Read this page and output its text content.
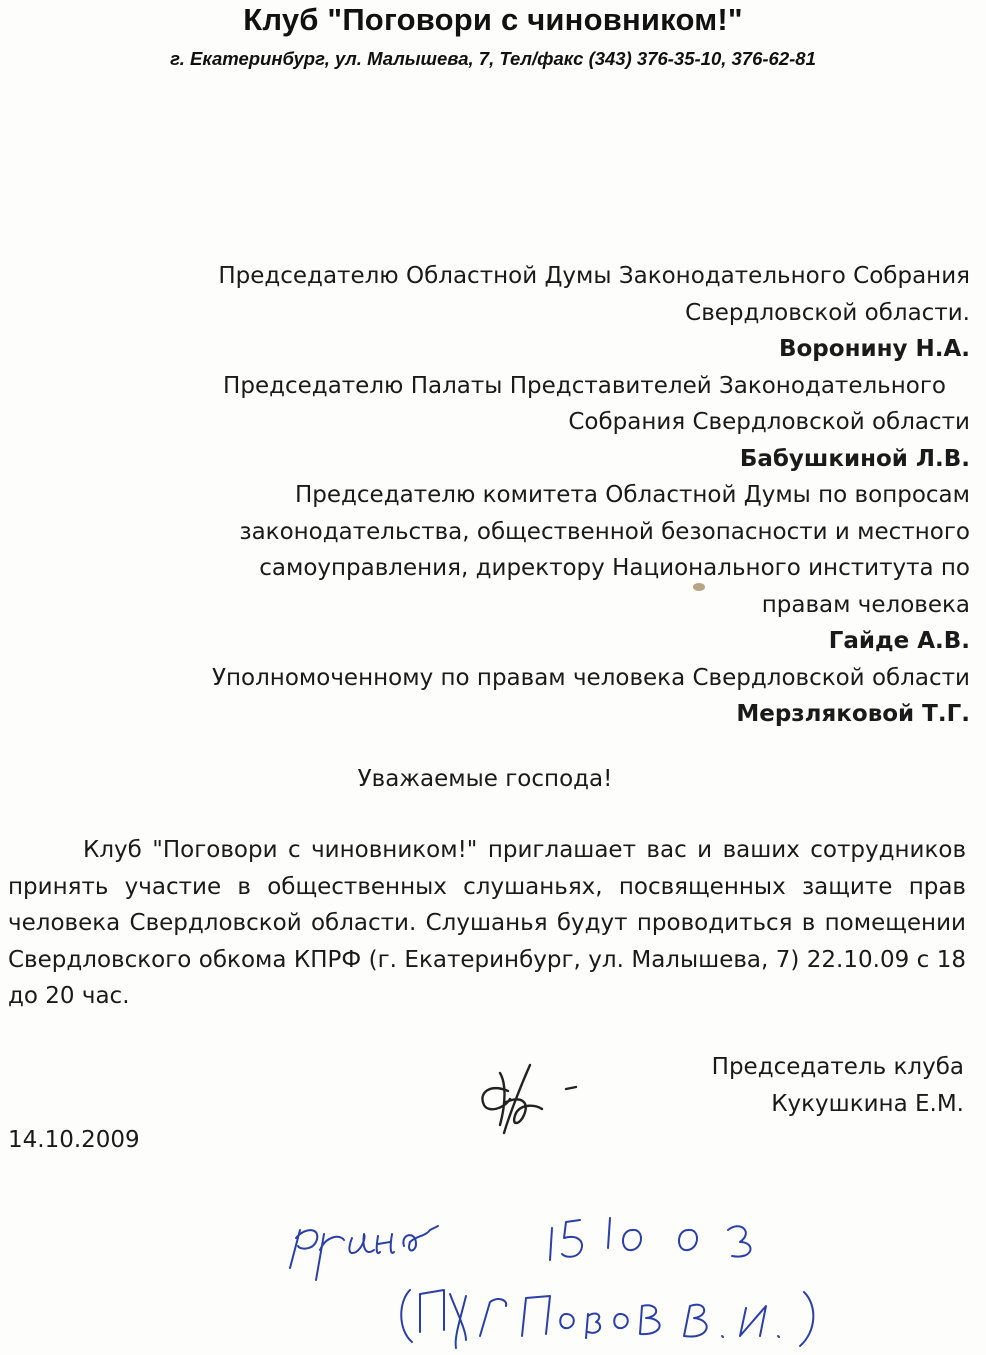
Клуб "Поговори с чиновником!"
г. Екатеринбург, ул. Малышева, 7, Тел/факс (343) 376-35-10, 376-62-81
Председателю Областной Думы Законодательного Собрания
Свердловской области.
Воронину Н.А.
Председателю Палаты Представителей Законодательного
Собрания Свердловской области
Бабушкиной Л.В.
Председателю комитета Областной Думы по вопросам
законодательства, общественной безопасности и местного
самоуправления, директору Национального института по
правам человека
Гайде А.В.
Уполномоченному по правам человека Свердловской области
Мерзляковой Т.Г.
Уважаемые господа!

Клуб "Поговори с чиновником!" приглашает вас и ваших сотрудников принять участие в общественных слушаньях, посвященных защите прав человека Свердловской области. Слушанья будут проводиться в помещении Свердловского обкома КПРФ (г. Екатеринбург, ул. Малышева, 7) 22.10.09 с 18 до 20 час.

Председатель клуба
Кукушкина Е.М.
14.10.2009
